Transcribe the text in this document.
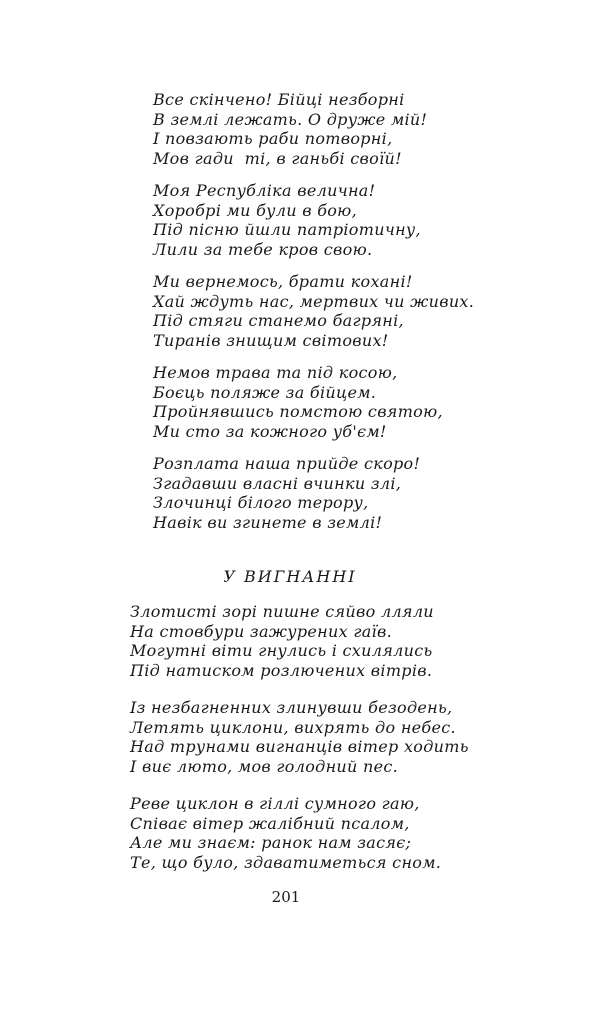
Все скінчено! Бійці незборні
В землі лежать. О друже мій!
І повзають раби потворні,
Мов гади  ті, в ганьбі своїй!
Моя Республіка велична!
Хоробрі ми були в бою,
Під пісню йшли патріотичну,
Лили за тебе кров свою.
Ми вернемось, брати кохані!
Хай ждуть нас, мертвих чи живих.
Під стяги станемо багряні,
Тиранів знищим світових!
Немов трава та під косою,
Боєць поляже за бійцем.
Пройнявшись помстою святою,
Ми сто за кожного уб'єм!
Розплата наша прийде скоро!
Згадавши власні вчинки злі,
Злочинці білого терору,
Навік ви згинете в землі!
У ВИГНАННІ
Злотисті зорі пишне сяйво лляли
На стовбури зажурених гаїв.
Могутні віти гнулись і схилялись
Під натиском розлючених вітрів.
Із незбагненних злинувши безодень,
Летять циклони, вихрять до небес.
Над трунами вигнанців вітер ходить
І виє люто, мов голодний пес.
Реве циклон в гіллі сумного гаю,
Співає вітер жалібний псалом,
Але ми знаєм: ранок нам засяє;
Те, що було, здаватиметься сном.
201
